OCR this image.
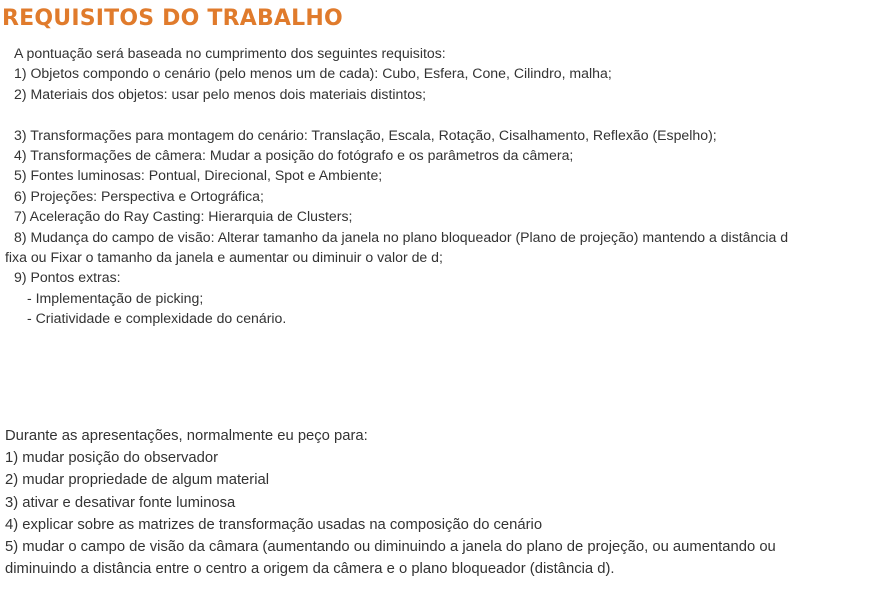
REQUISITOS DO TRABALHO
A pontuação será baseada no cumprimento dos seguintes requisitos:
1) Objetos compondo o cenário (pelo menos um de cada): Cubo, Esfera, Cone, Cilindro, malha;
2) Materiais dos objetos: usar pelo menos dois materiais distintos;
3) Transformações para montagem do cenário: Translação, Escala, Rotação, Cisalhamento, Reflexão (Espelho);
4) Transformações de câmera: Mudar a posição do fotógrafo e os parâmetros da câmera;
5) Fontes luminosas: Pontual, Direcional, Spot e Ambiente;
6) Projeções: Perspectiva e Ortográfica;
7) Aceleração do Ray Casting: Hierarquia de Clusters;
8) Mudança do campo de visão: Alterar tamanho da janela no plano bloqueador (Plano de projeção) mantendo a distância d
fixa ou Fixar o tamanho da janela e aumentar ou diminuir o valor de d;
9) Pontos extras:
- Implementação de picking;
- Criatividade e complexidade do cenário.
Durante as apresentações, normalmente eu peço para:
1) mudar posição do observador
2) mudar propriedade de algum material
3) ativar e desativar fonte luminosa
4) explicar sobre as matrizes de transformação usadas na composição do cenário
5) mudar o campo de visão da câmara (aumentando ou diminuindo a janela do plano de projeção, ou aumentando ou
diminuindo a distância entre o centro a origem da câmera e o plano bloqueador (distância d).
